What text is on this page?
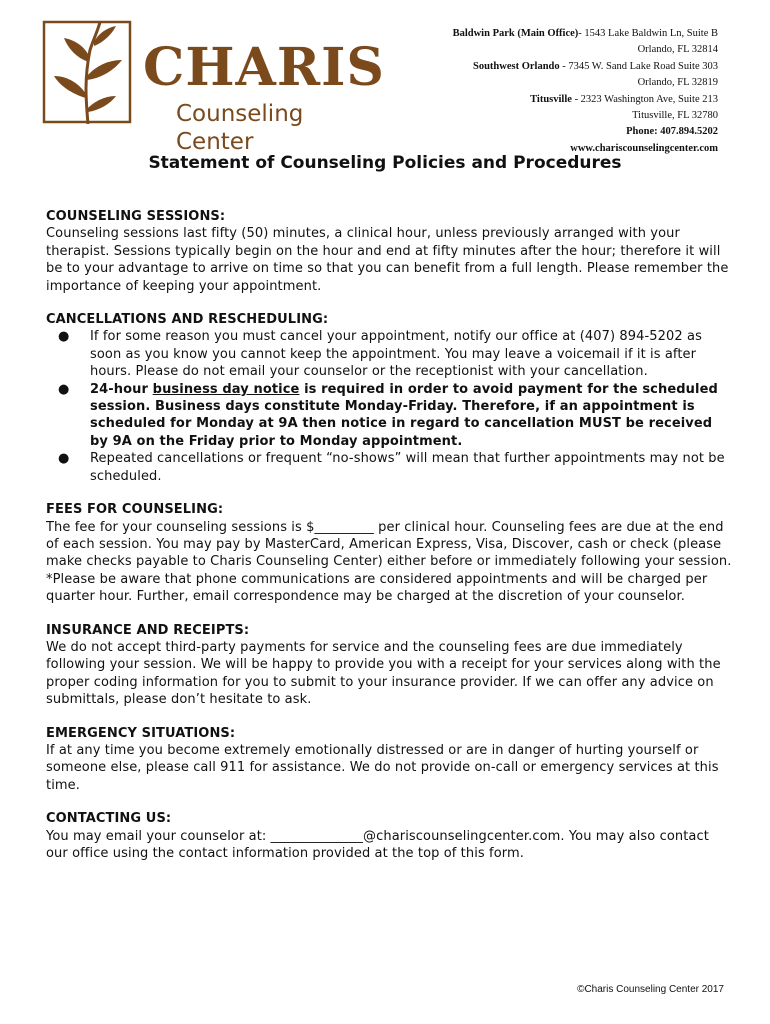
CHARIS
Counseling Center
Baldwin Park (Main Office)- 1543 Lake Baldwin Ln, Suite B
Orlando, FL 32814
Southwest Orlando - 7345 W. Sand Lake Road Suite 303
Orlando, FL 32819
Titusville - 2323 Washington Ave, Suite 213
Titusville, FL 32780
Phone: 407.894.5202
www.chariscounselingcenter.com
Statement of Counseling Policies and Procedures

COUNSELING SESSIONS:

Counseling sessions last fifty (50) minutes, a clinical hour, unless previously arranged with your therapist. Sessions typically begin on the hour and end at fifty minutes after the hour; therefore it will be to your advantage to arrive on time so that you can benefit from a full length. Please remember the importance of keeping your appointment.

CANCELLATIONS AND RESCHEDULING:

● If for some reason you must cancel your appointment, notify our office at (407) 894-5202 as soon as you know you cannot keep the appointment. You may leave a voicemail if it is after hours. Please do not email your counselor or the receptionist with your cancellation.
● 24-hour business day notice is required in order to avoid payment for the scheduled session. Business days constitute Monday-Friday. Therefore, if an appointment is scheduled for Monday at 9A then notice in regard to cancellation MUST be received by 9A on the Friday prior to Monday appointment.
● Repeated cancellations or frequent “no-shows” will mean that further appointments may not be scheduled.

FEES FOR COUNSELING:

The fee for your counseling sessions is $_________ per clinical hour. Counseling fees are due at the end of each session. You may pay by MasterCard, American Express, Visa, Discover, cash or check (please make checks payable to Charis Counseling Center) either before or immediately following your session.

*Please be aware that phone communications are considered appointments and will be charged per quarter hour. Further, email correspondence may be charged at the discretion of your counselor.

INSURANCE AND RECEIPTS:

We do not accept third-party payments for service and the counseling fees are due immediately following your session. We will be happy to provide you with a receipt for your services along with the proper coding information for you to submit to your insurance provider. If we can offer any advice on submittals, please don’t hesitate to ask.

EMERGENCY SITUATIONS:

If at any time you become extremely emotionally distressed or are in danger of hurting yourself or someone else, please call 911 for assistance. We do not provide on-call or emergency services at this time.

CONTACTING US:

You may email your counselor at: ______________@chariscounselingcenter.com. You may also contact our office using the contact information provided at the top of this form.

©Charis Counseling Center 2017
